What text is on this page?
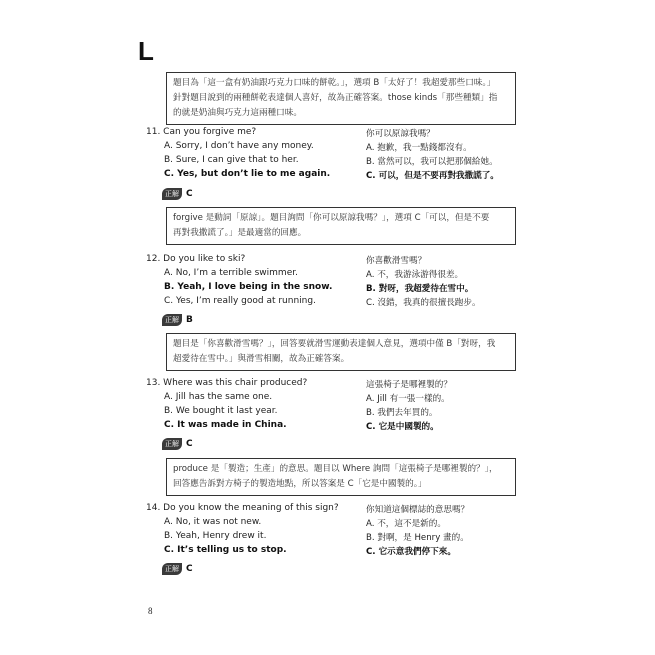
L
題目為「這一盒有奶油跟巧克力口味的餅乾。」，選項 B「太好了！我超愛那些口味。」
針對題目說到的兩種餅乾表達個人喜好，故為正確答案。those kinds「那些種類」指
的就是奶油與巧克力這兩種口味。
11. Can you forgive me?	你可以原諒我嗎？
A. Sorry, I don’t have any money.	A. 抱歉，我一點錢都沒有。
B. Sure, I can give that to her.	B. 當然可以，我可以把那個給她。
C. Yes, but don’t lie to me again.	C. 可以，但是不要再對我撒謊了。
正解 C
forgive 是動詞「原諒」。題目詢問「你可以原諒我嗎？」，選項 C「可以，但是不要
再對我撒謊了。」是最適當的回應。
12. Do you like to ski?	你喜歡滑雪嗎？
A. No, I’m a terrible swimmer.	A. 不，我游泳游得很差。
B. Yeah, I love being in the snow.	B. 對呀，我超愛待在雪中。
C. Yes, I’m really good at running.	C. 沒錯，我真的很擅長跑步。
正解 B
題目是「你喜歡滑雪嗎？」，回答要就滑雪運動表達個人意見，選項中僅 B「對呀，我
超愛待在雪中。」與滑雪相關，故為正確答案。
13. Where was this chair produced?	這張椅子是哪裡製的？
A. Jill has the same one.	A. Jill 有一張一樣的。
B. We bought it last year.	B. 我們去年買的。
C. It was made in China.	C. 它是中國製的。
正解 C
produce 是「製造；生產」的意思。題目以 Where 詢問「這張椅子是哪裡製的？」，
回答應告訴對方椅子的製造地點，所以答案是 C「它是中國製的。」
14. Do you know the meaning of this sign?	你知道這個標誌的意思嗎？
A. No, it was not new.	A. 不，這不是新的。
B. Yeah, Henry drew it.	B. 對啊，是 Henry 畫的。
C. It’s telling us to stop.	C. 它示意我們停下來。
正解 C
8
